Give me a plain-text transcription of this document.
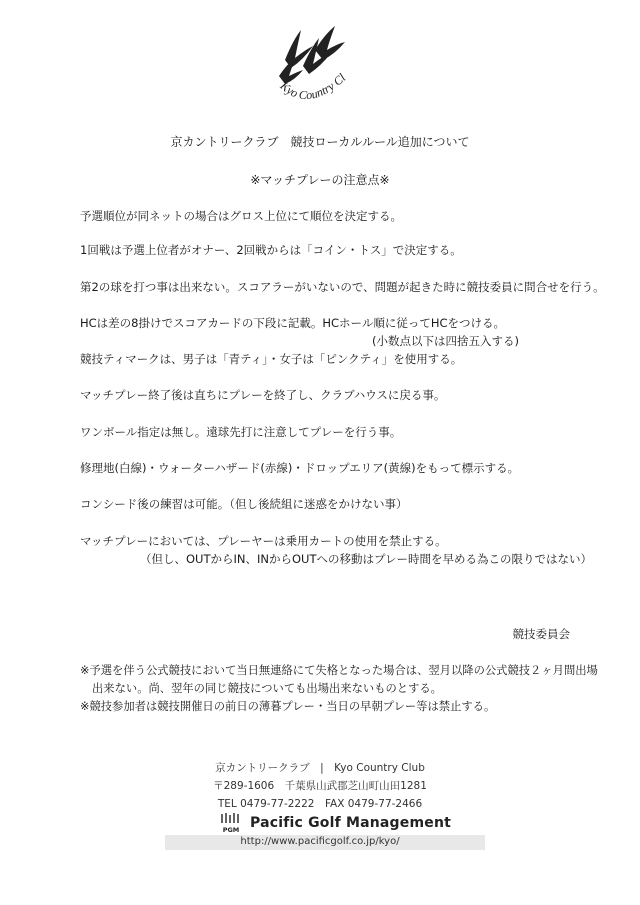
Kyo Country Cl
京カントリークラブ　競技ローカルルール追加について
※マッチプレーの注意点※
予選順位が同ネットの場合はグロス上位にて順位を決定する。
1回戦は予選上位者がオナー、2回戦からは「コイン・トス」で決定する。
第2の球を打つ事は出来ない。スコアラーがいないので、問題が起きた時に競技委員に問合せを行う。
HCは差の8掛けでスコアカードの下段に記載。HCホール順に従ってHCをつける。
(小数点以下は四捨五入する)
競技ティマークは、男子は「青ティ」・女子は「ピンクティ」を使用する。
マッチプレー終了後は直ちにプレーを終了し、クラブハウスに戻る事。
ワンボール指定は無し。遠球先打に注意してプレーを行う事。
修理地(白線)・ウォーターハザード(赤線)・ドロップエリア(黄線)をもって標示する。
コンシード後の練習は可能。（但し後続組に迷惑をかけない事）
マッチプレーにおいては、プレーヤーは乗用カートの使用を禁止する。
（但し、OUTからIN、INからOUTへの移動はプレー時間を早める為この限りではない）
競技委員会
※予選を伴う公式競技において当日無連絡にて失格となった場合は、翌月以降の公式競技２ヶ月間出場
出来ない。尚、翌年の同じ競技についても出場出来ないものとする。
※競技参加者は競技開催日の前日の薄暮プレー・当日の早朝プレー等は禁止する。
京カントリークラブ　|　Kyo Country Club
〒289-1606　千葉県山武郡芝山町山田1281
TEL 0479-77-2222　FAX 0479-77-2466
PGM Pacific Golf Management
http://www.pacificgolf.co.jp/kyo/
